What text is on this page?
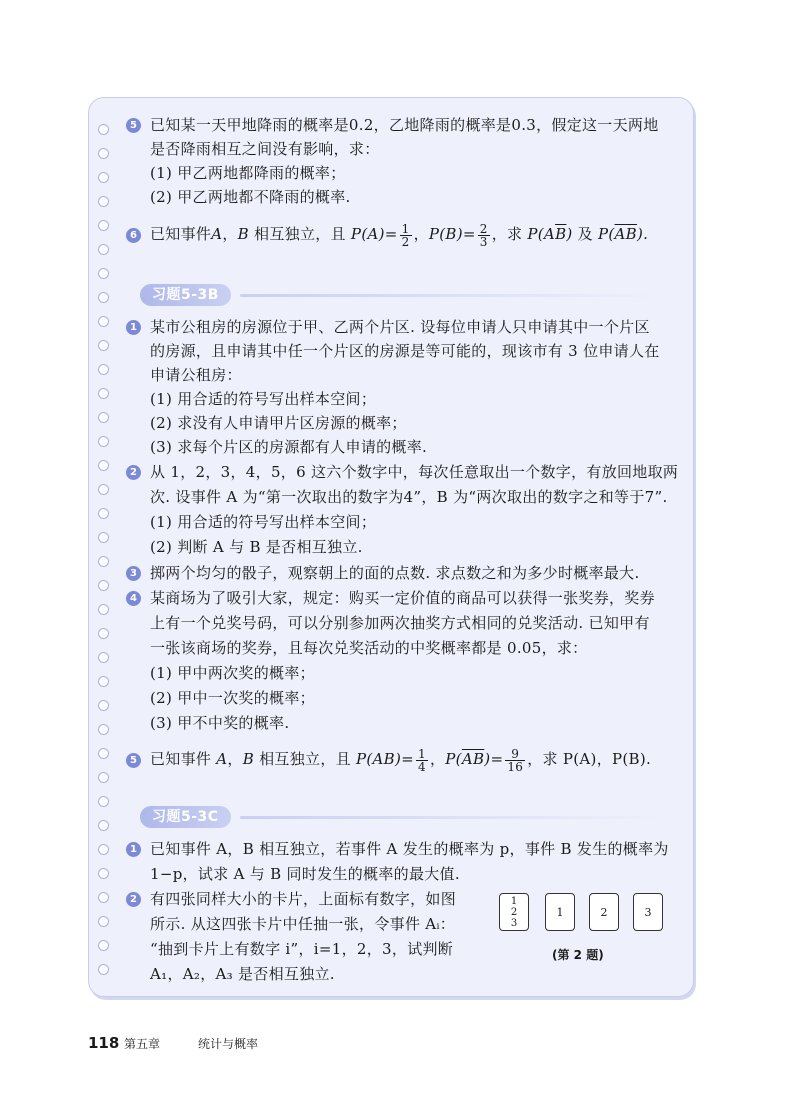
5 已知某一天甲地降雨的概率是0.2，乙地降雨的概率是0.3，假定这一天两地
是否降雨相互之间没有影响，求：
(1) 甲乙两地都降雨的概率；
(2) 甲乙两地都不降雨的概率.
6 已知事件A，B 相互独立，且 $P(A)= \frac{1}{2}$ ，$P(B)= \frac{2}{3}$ ，求 $P(A\overline{B})$ 及 $P(\overline{A}\overline{B})$.
习题5-3B
1 某市公租房的房源位于甲、乙两个片区. 设每位申请人只申请其中一个片区
的房源，且申请其中任一个片区的房源是等可能的，现该市有 3 位申请人在
申请公租房：
(1) 用合适的符号写出样本空间；
(2) 求没有人申请甲片区房源的概率；
(3) 求每个片区的房源都有人申请的概率.
2 从 1，2，3，4，5，6 这六个数字中，每次任意取出一个数字，有放回地取两
次. 设事件 A 为“第一次取出的数字为4”，B 为“两次取出的数字之和等于7”.
(1) 用合适的符号写出样本空间；
(2) 判断 A 与 B 是否相互独立.
3 掷两个均匀的骰子，观察朝上的面的点数. 求点数之和为多少时概率最大.
4 某商场为了吸引大家，规定：购买一定价值的商品可以获得一张奖券，奖券
上有一个兑奖号码，可以分别参加两次抽奖方式相同的兑奖活动. 已知甲有
一张该商场的奖券，且每次兑奖活动的中奖概率都是 0.05，求：
(1) 甲中两次奖的概率；
(2) 甲中一次奖的概率；
(3) 甲不中奖的概率.
5 已知事件 A，B 相互独立，且 $P(AB)= \frac{1}{4}$ ，$P(\overline{A}\overline{B})= \frac{9}{16}$ ，求 P(A)，P(B).
习题5-3C
1 已知事件 A，B 相互独立，若事件 A 发生的概率为 p，事件 B 发生的概率为
1−p，试求 A 与 B 同时发生的概率的最大值.
2 有四张同样大小的卡片，上面标有数字，如图
所示. 从这四张卡片中任抽一张，令事件 Aᵢ：
“抽到卡片上有数字 i”，i=1，2，3，试判断
A₁，A₂，A₃ 是否相互独立.
1
2
3
1	2	3
(第 2 题)
118 第五章	统计与概率
